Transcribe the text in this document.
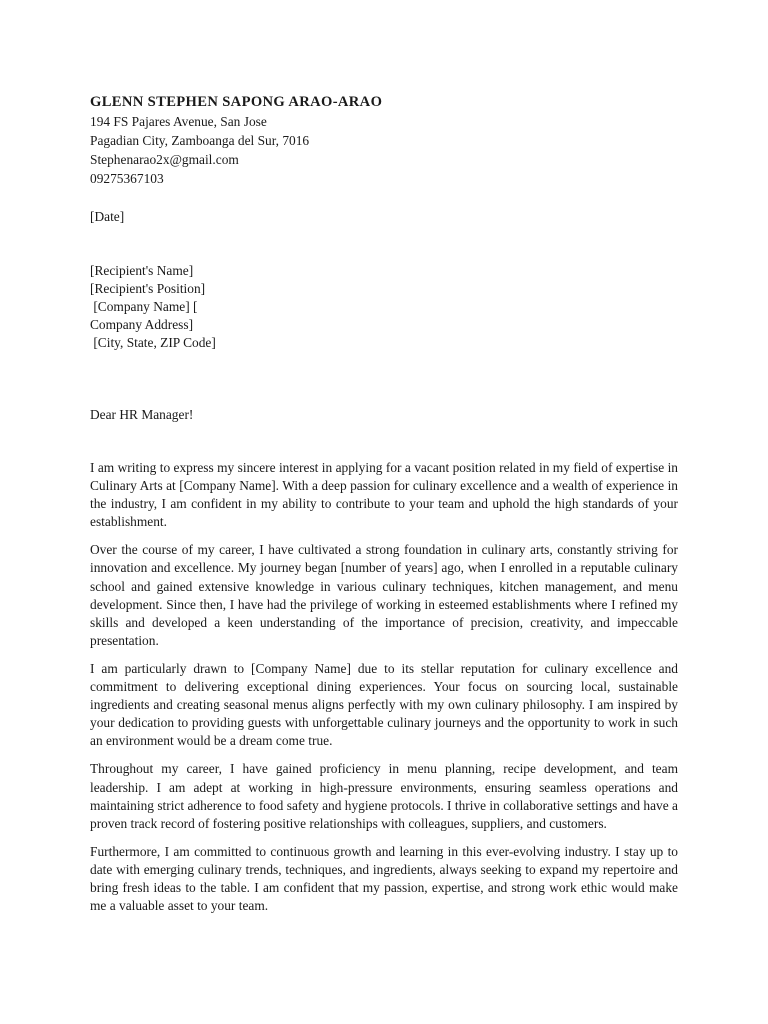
GLENN STEPHEN SAPONG ARAO-ARAO
194 FS Pajares Avenue, San Jose
Pagadian City, Zamboanga del Sur, 7016
Stephenarao2x@gmail.com
09275367103
[Date]
[Recipient's Name]
[Recipient's Position]
[Company Name] [
Company Address]
[City, State, ZIP Code]
Dear HR Manager!

I am writing to express my sincere interest in applying for a vacant position related in my field of expertise in Culinary Arts at [Company Name]. With a deep passion for culinary excellence and a wealth of experience in the industry, I am confident in my ability to contribute to your team and uphold the high standards of your establishment.

Over the course of my career, I have cultivated a strong foundation in culinary arts, constantly striving for innovation and excellence. My journey began [number of years] ago, when I enrolled in a reputable culinary school and gained extensive knowledge in various culinary techniques, kitchen management, and menu development. Since then, I have had the privilege of working in esteemed establishments where I refined my skills and developed a keen understanding of the importance of precision, creativity, and impeccable presentation.

I am particularly drawn to [Company Name] due to its stellar reputation for culinary excellence and commitment to delivering exceptional dining experiences. Your focus on sourcing local, sustainable ingredients and creating seasonal menus aligns perfectly with my own culinary philosophy. I am inspired by your dedication to providing guests with unforgettable culinary journeys and the opportunity to work in such an environment would be a dream come true.

Throughout my career, I have gained proficiency in menu planning, recipe development, and team leadership. I am adept at working in high-pressure environments, ensuring seamless operations and maintaining strict adherence to food safety and hygiene protocols. I thrive in collaborative settings and have a proven track record of fostering positive relationships with colleagues, suppliers, and customers.

Furthermore, I am committed to continuous growth and learning in this ever-evolving industry. I stay up to date with emerging culinary trends, techniques, and ingredients, always seeking to expand my repertoire and bring fresh ideas to the table. I am confident that my passion, expertise, and strong work ethic would make me a valuable asset to your team.
